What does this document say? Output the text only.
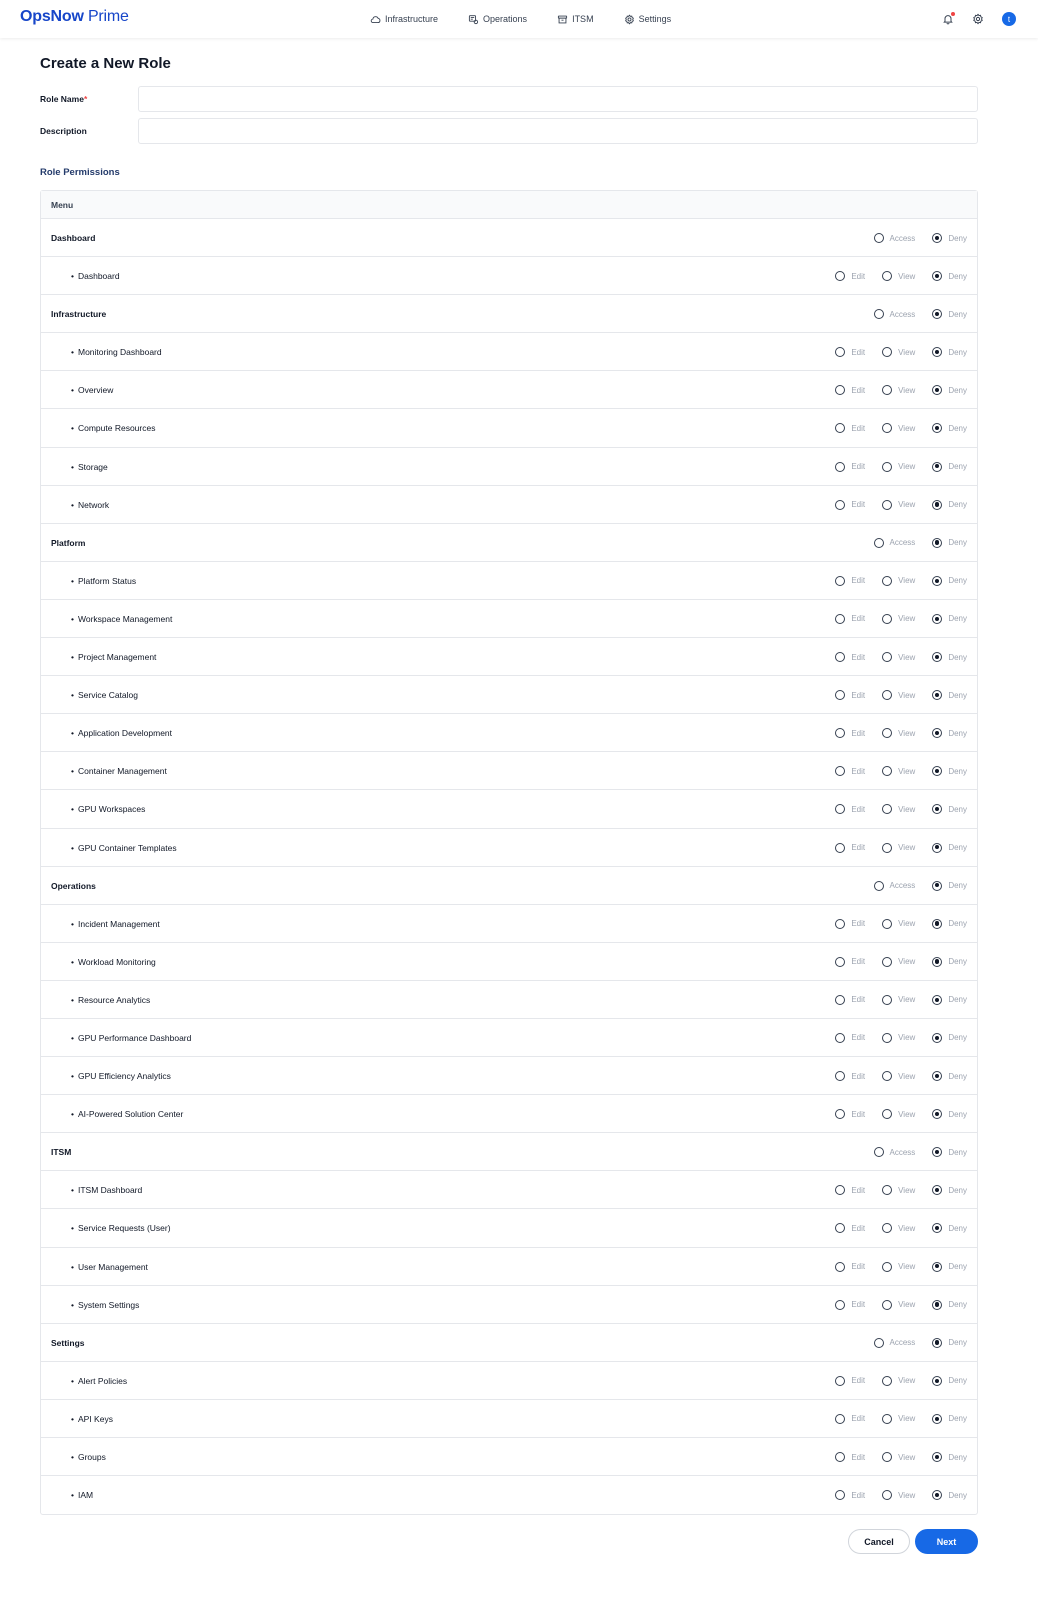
OpsNow Prime	Infrastructure	Operations	ITSM	Settings	t
Create a New Role
Role Name*
Description
Role Permissions
Menu
Dashboard	Access	Deny
• Dashboard	Edit	View	Deny
Infrastructure	Access	Deny
• Monitoring Dashboard	Edit	View	Deny
• Overview	Edit	View	Deny
• Compute Resources	Edit	View	Deny
• Storage	Edit	View	Deny
• Network	Edit	View	Deny
Platform	Access	Deny
• Platform Status	Edit	View	Deny
• Workspace Management	Edit	View	Deny
• Project Management	Edit	View	Deny
• Service Catalog	Edit	View	Deny
• Application Development	Edit	View	Deny
• Container Management	Edit	View	Deny
• GPU Workspaces	Edit	View	Deny
• GPU Container Templates	Edit	View	Deny
Operations	Access	Deny
• Incident Management	Edit	View	Deny
• Workload Monitoring	Edit	View	Deny
• Resource Analytics	Edit	View	Deny
• GPU Performance Dashboard	Edit	View	Deny
• GPU Efficiency Analytics	Edit	View	Deny
• AI-Powered Solution Center	Edit	View	Deny
ITSM	Access	Deny
• ITSM Dashboard	Edit	View	Deny
• Service Requests (User)	Edit	View	Deny
• User Management	Edit	View	Deny
• System Settings	Edit	View	Deny
Settings	Access	Deny
• Alert Policies	Edit	View	Deny
• API Keys	Edit	View	Deny
• Groups	Edit	View	Deny
• IAM	Edit	View	Deny
Cancel	Next
